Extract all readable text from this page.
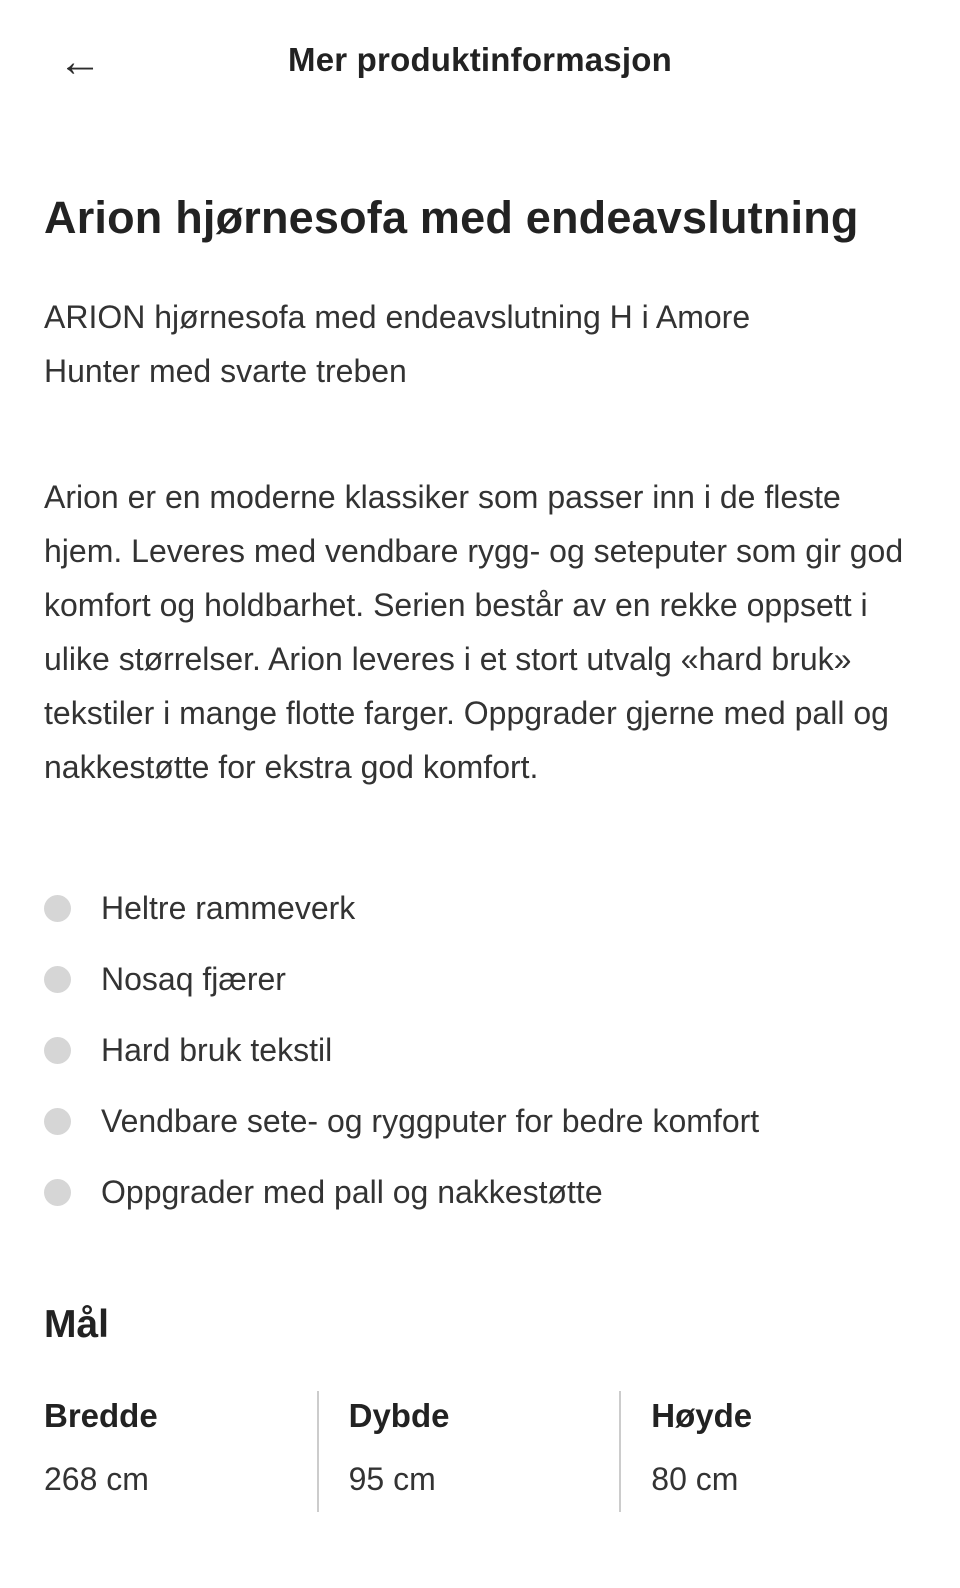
←	Mer produktinformasjon
Arion hjørnesofa med endeavslutning

ARION hjørnesofa med endeavslutning H i Amore Hunter med svarte treben

Arion er en moderne klassiker som passer inn i de fleste hjem. Leveres med vendbare rygg- og seteputer som gir god komfort og holdbarhet. Serien består av en rekke oppsett i ulike størrelser. Arion leveres i et stort utvalg «hard bruk» tekstiler i mange flotte farger. Oppgrader gjerne med pall og nakkestøtte for ekstra god komfort.

Heltre rammeverk
Nosaq fjærer
Hard bruk tekstil
Vendbare sete- og ryggputer for bedre komfort
Oppgrader med pall og nakkestøtte
Mål
Bredde
268 cm
Dybde
95 cm
Høyde
80 cm
